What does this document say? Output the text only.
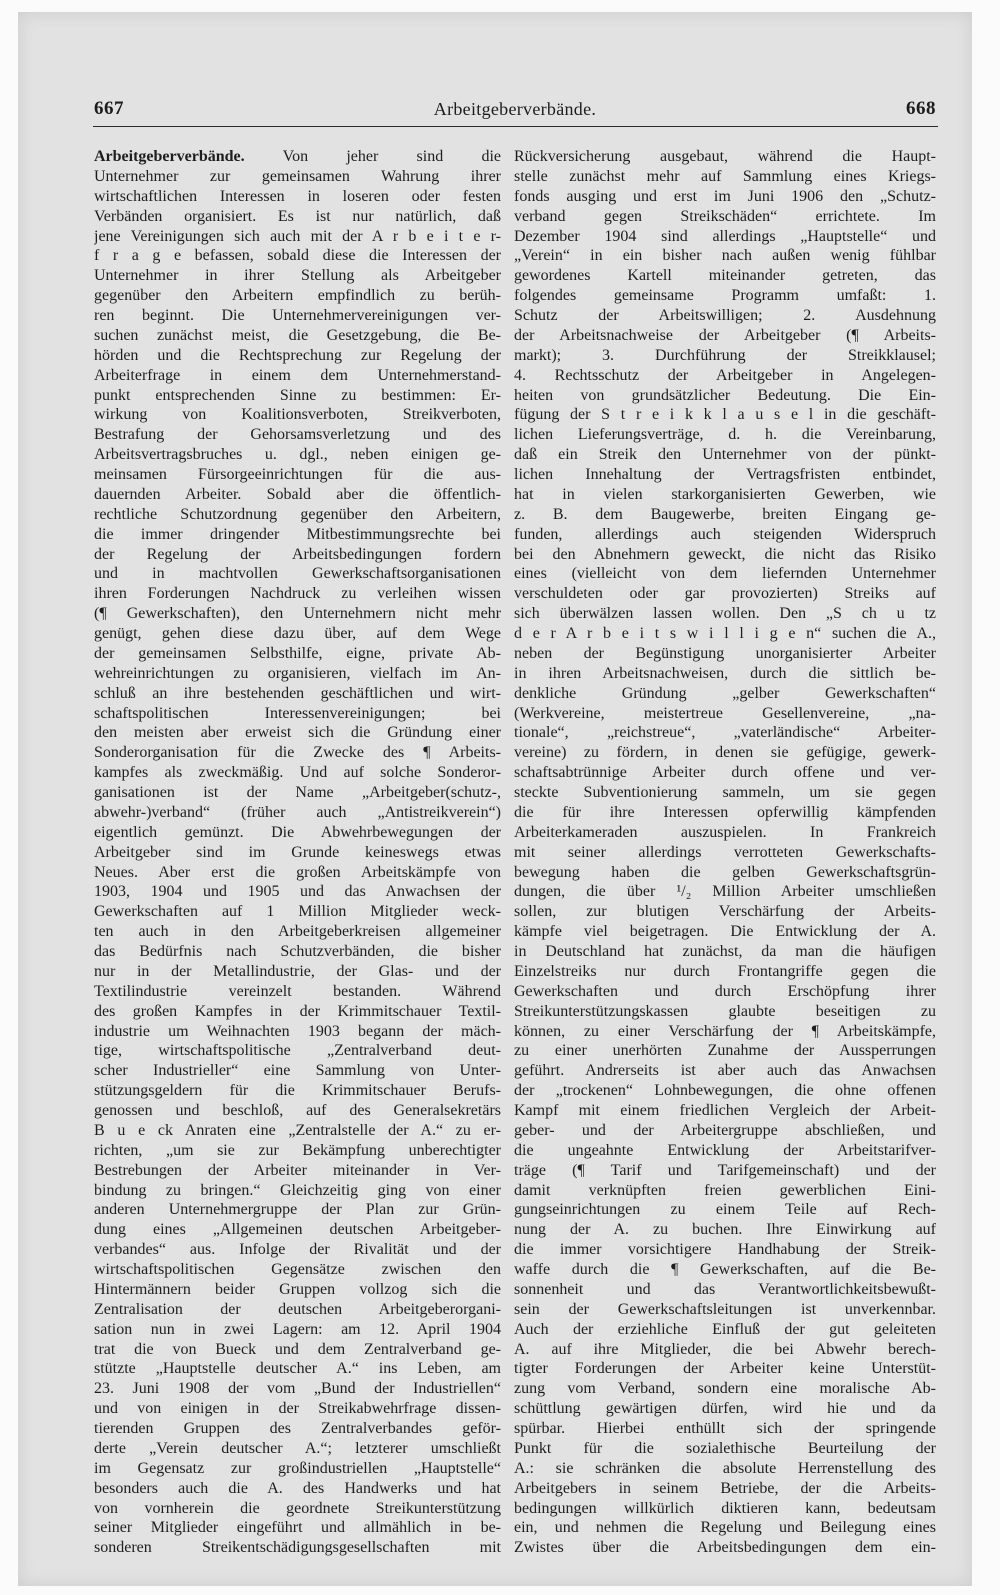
667	Arbeitgeberverbände.	668
Arbeitgeberverbände. Von jeher sind die
Unternehmer zur gemeinsamen Wahrung ihrer
wirtschaftlichen Interessen in loseren oder festen
Verbänden organisiert. Es ist nur natürlich, daß
jene Vereinigungen sich auch mit der A r b e i t e r-
f r a g e befassen, sobald diese die Interessen der
Unternehmer in ihrer Stellung als Arbeitgeber
gegenüber den Arbeitern empfindlich zu berüh-
ren beginnt. Die Unternehmervereinigungen ver-
suchen zunächst meist, die Gesetzgebung, die Be-
hörden und die Rechtsprechung zur Regelung der
Arbeiterfrage in einem dem Unternehmerstand-
punkt entsprechenden Sinne zu bestimmen: Er-
wirkung von Koalitionsverboten, Streikverboten,
Bestrafung der Gehorsamsverletzung und des
Arbeitsvertragsbruches u. dgl., neben einigen ge-
meinsamen Fürsorgeeinrichtungen für die aus-
dauernden Arbeiter. Sobald aber die öffentlich-
rechtliche Schutzordnung gegenüber den Arbeitern,
die immer dringender Mitbestimmungsrechte bei
der Regelung der Arbeitsbedingungen fordern
und in machtvollen Gewerkschaftsorganisationen
ihren Forderungen Nachdruck zu verleihen wissen
(¶ Gewerkschaften), den Unternehmern nicht mehr
genügt, gehen diese dazu über, auf dem Wege
der gemeinsamen Selbsthilfe, eigne, private Ab-
wehreinrichtungen zu organisieren, vielfach im An-
schluß an ihre bestehenden geschäftlichen und wirt-
schaftspolitischen Interessenvereinigungen; bei
den meisten aber erweist sich die Gründung einer
Sonderorganisation für die Zwecke des ¶ Arbeits-
kampfes als zweckmäßig. Und auf solche Sonderor-
ganisationen ist der Name „Arbeitgeber(schutz-,
abwehr-)verband“ (früher auch „Antistreikverein“)
eigentlich gemünzt. Die Abwehrbewegungen der
Arbeitgeber sind im Grunde keineswegs etwas
Neues. Aber erst die großen Arbeitskämpfe von
1903, 1904 und 1905 und das Anwachsen der
Gewerkschaften auf 1 Million Mitglieder weck-
ten auch in den Arbeitgeberkreisen allgemeiner
das Bedürfnis nach Schutzverbänden, die bisher
nur in der Metallindustrie, der Glas- und der
Textilindustrie vereinzelt bestanden. Während
des großen Kampfes in der Krimmitschauer Textil-
industrie um Weihnachten 1903 begann der mäch-
tige, wirtschaftspolitische „Zentralverband deut-
scher Industrieller“ eine Sammlung von Unter-
stützungsgeldern für die Krimmitschauer Berufs-
genossen und beschloß, auf des Generalsekretärs
B u e ck Anraten eine „Zentralstelle der A.“ zu er-
richten, „um sie zur Bekämpfung unberechtigter
Bestrebungen der Arbeiter miteinander in Ver-
bindung zu bringen.“ Gleichzeitig ging von einer
anderen Unternehmergruppe der Plan zur Grün-
dung eines „Allgemeinen deutschen Arbeitgeber-
verbandes“ aus. Infolge der Rivalität und der
wirtschaftspolitischen Gegensätze zwischen den
Hintermännern beider Gruppen vollzog sich die
Zentralisation der deutschen Arbeitgeberorgani-
sation nun in zwei Lagern: am 12. April 1904
trat die von Bueck und dem Zentralverband ge-
stützte „Hauptstelle deutscher A.“ ins Leben, am
23. Juni 1908 der vom „Bund der Industriellen“
und von einigen in der Streikabwehrfrage dissen-
tierenden Gruppen des Zentralverbandes geför-
derte „Verein deutscher A.“; letzterer umschließt
im Gegensatz zur großindustriellen „Hauptstelle“
besonders auch die A. des Handwerks und hat
von vornherein die geordnete Streikunterstützung
seiner Mitglieder eingeführt und allmählich in be-
sonderen Streikentschädigungsgesellschaften mit
Rückversicherung ausgebaut, während die Haupt-
stelle zunächst mehr auf Sammlung eines Kriegs-
fonds ausging und erst im Juni 1906 den „Schutz-
verband gegen Streikschäden“ errichtete. Im
Dezember 1904 sind allerdings „Hauptstelle“ und
„Verein“ in ein bisher nach außen wenig fühlbar
gewordenes Kartell miteinander getreten, das
folgendes gemeinsame Programm umfaßt: 1.
Schutz der Arbeitswilligen; 2. Ausdehnung
der Arbeitsnachweise der Arbeitgeber (¶ Arbeits-
markt); 3. Durchführung der Streikklausel;
4. Rechtsschutz der Arbeitgeber in Angelegen-
heiten von grundsätzlicher Bedeutung. Die Ein-
fügung der S t r e i k k l a u s e l in die geschäft-
lichen Lieferungsverträge, d. h. die Vereinbarung,
daß ein Streik den Unternehmer von der pünkt-
lichen Innehaltung der Vertragsfristen entbindet,
hat in vielen starkorganisierten Gewerben, wie
z. B. dem Baugewerbe, breiten Eingang ge-
funden, allerdings auch steigenden Widerspruch
bei den Abnehmern geweckt, die nicht das Risiko
eines (vielleicht von dem liefernden Unternehmer
verschuldeten oder gar provozierten) Streiks auf
sich überwälzen lassen wollen. Den „S ch u tz
d e r A r b e i t s w i l l i g e n“ suchen die A.,
neben der Begünstigung unorganisierter Arbeiter
in ihren Arbeitsnachweisen, durch die sittlich be-
denkliche Gründung „gelber Gewerkschaften“
(Werkvereine, meistertreue Gesellenvereine, „na-
tionale“, „reichstreue“, „vaterländische“ Arbeiter-
vereine) zu fördern, in denen sie gefügige, gewerk-
schaftsabtrünnige Arbeiter durch offene und ver-
steckte Subventionierung sammeln, um sie gegen
die für ihre Interessen opferwillig kämpfenden
Arbeiterkameraden auszuspielen. In Frankreich
mit seiner allerdings verrotteten Gewerkschafts-
bewegung haben die gelben Gewerkschaftsgrün-
dungen, die über ¹/₂ Million Arbeiter umschließen
sollen, zur blutigen Verschärfung der Arbeits-
kämpfe viel beigetragen. Die Entwicklung der A.
in Deutschland hat zunächst, da man die häufigen
Einzelstreiks nur durch Frontangriffe gegen die
Gewerkschaften und durch Erschöpfung ihrer
Streikunterstützungskassen glaubte beseitigen zu
können, zu einer Verschärfung der ¶ Arbeitskämpfe,
zu einer unerhörten Zunahme der Aussperrungen
geführt. Andrerseits ist aber auch das Anwachsen
der „trockenen“ Lohnbewegungen, die ohne offenen
Kampf mit einem friedlichen Vergleich der Arbeit-
geber- und der Arbeitergruppe abschließen, und
die ungeahnte Entwicklung der Arbeitstarifver-
träge (¶ Tarif und Tarifgemeinschaft) und der
damit verknüpften freien gewerblichen Eini-
gungseinrichtungen zu einem Teile auf Rech-
nung der A. zu buchen. Ihre Einwirkung auf
die immer vorsichtigere Handhabung der Streik-
waffe durch die ¶ Gewerkschaften, auf die Be-
sonnenheit und das Verantwortlichkeitsbewußt-
sein der Gewerkschaftsleitungen ist unverkennbar.
Auch der erziehliche Einfluß der gut geleiteten
A. auf ihre Mitglieder, die bei Abwehr berech-
tigter Forderungen der Arbeiter keine Unterstüt-
zung vom Verband, sondern eine moralische Ab-
schüttlung gewärtigen dürfen, wird hie und da
spürbar. Hierbei enthüllt sich der springende
Punkt für die sozialethische Beurteilung der
A.: sie schränken die absolute Herrenstellung des
Arbeitgebers in seinem Betriebe, der die Arbeits-
bedingungen willkürlich diktieren kann, bedeutsam
ein, und nehmen die Regelung und Beilegung eines
Zwistes über die Arbeitsbedingungen dem ein-
